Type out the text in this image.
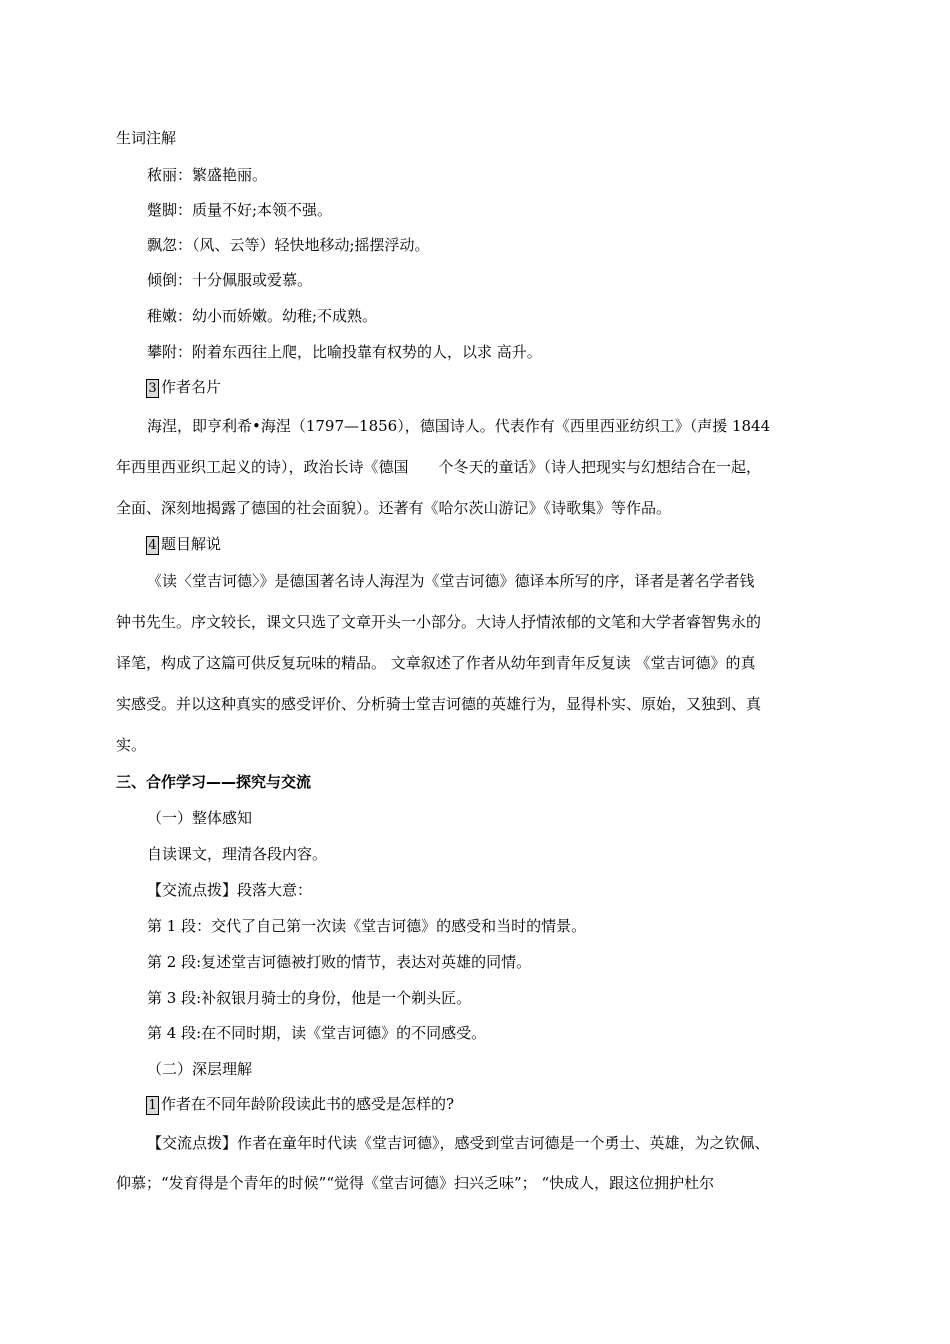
生词注解
秾丽：繁盛艳丽。
蹩脚：质量不好;本领不强。
飘忽：（风、云等）轻快地移动;摇摆浮动。
倾倒：十分佩服或爱慕。
稚嫩：幼小而娇嫩。幼稚;不成熟。
攀附：附着东西往上爬，比喻投靠有权势的人，以求 高升。
3 作者名片
海涅，即亨利希•海涅（1797—1856），德国诗人。代表作有《西里西亚纺织工》（声援 1844
年西里西亚织工起义的诗），政治长诗《德国　　个冬天的童话》（诗人把现实与幻想结合在一起，
全面、深刻地揭露了德国的社会面貌）。还著有《哈尔茨山游记》《诗歌集》等作品。
4 题目解说
《读〈堂吉诃德〉》是德国著名诗人海涅为《堂吉诃德》德译本所写的序，译者是著名学者钱
钟书先生。序文较长，课文只选了文章开头一小部分。大诗人抒情浓郁的文笔和大学者睿智隽永的
译笔，构成了这篇可供反复玩味的精品。 文章叙述了作者从幼年到青年反复读 《堂吉诃德》的真
实感受。并以这种真实的感受评价、分析骑士堂吉诃德的英雄行为，显得朴实、原始，又独到、真
实。
三、合作学习——探究与交流
（一）整体感知
自读课文，理清各段内容。
【交流点拨】段落大意：
第 1 段：交代了自己第一次读《堂吉诃德》的感受和当时的情景。
第 2 段:复述堂吉诃德被打败的情节，表达对英雄的同情。
第 3 段:补叙银月骑士的身份，他是一个剃头匠。
第 4 段:在不同时期，读《堂吉诃德》的不同感受。
（二）深层理解
1 作者在不同年龄阶段读此书的感受是怎样的?
【交流点拨】作者在童年时代读《堂吉诃德》，感受到堂吉诃德是一个勇士、英雄，为之钦佩、
仰慕；“发育得是个青年的时候”“觉得《堂吉诃德》扫兴乏味”； “快成人，跟这位拥护杜尔
